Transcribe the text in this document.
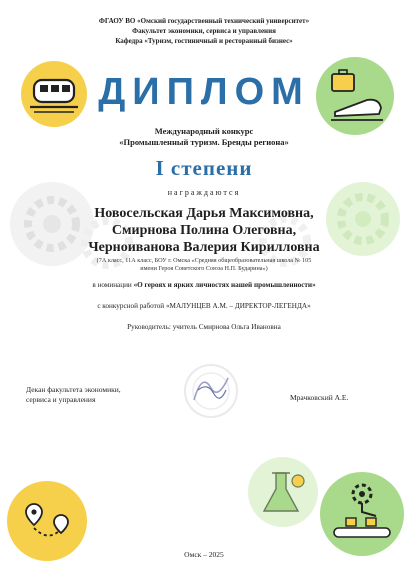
ФГАОУ ВО «Омский государственный технический университет»
Факультет экономики, сервиса и управления
Кафедра «Туризм, гостиничный и ресторанный бизнес»
ДИПЛОМ
Международный конкурс
«Промышленный туризм. Бренды региона»
I степени
награждаются
Новосельская Дарья Максимовна,
Смирнова Полина Олеговна,
Черноиванова Валерия Кирилловна
(7А класс, 11А класс, БОУ г. Омска «Средняя общеобразовательная школа № 105
имени Героя Советского Союза Н.П. Бударина»)
в номинации «О героях и ярких личностях нашей промышленности»
с конкурсной работой «МАЛУНЦЕВ А.М. – ДИРЕКТОР-ЛЕГЕНДА»
Руководитель: учитель Смирнова Ольга Ивановна
Декан факультета экономики,
сервиса и управления	Мрачковский А.Е.
Омск – 2025
